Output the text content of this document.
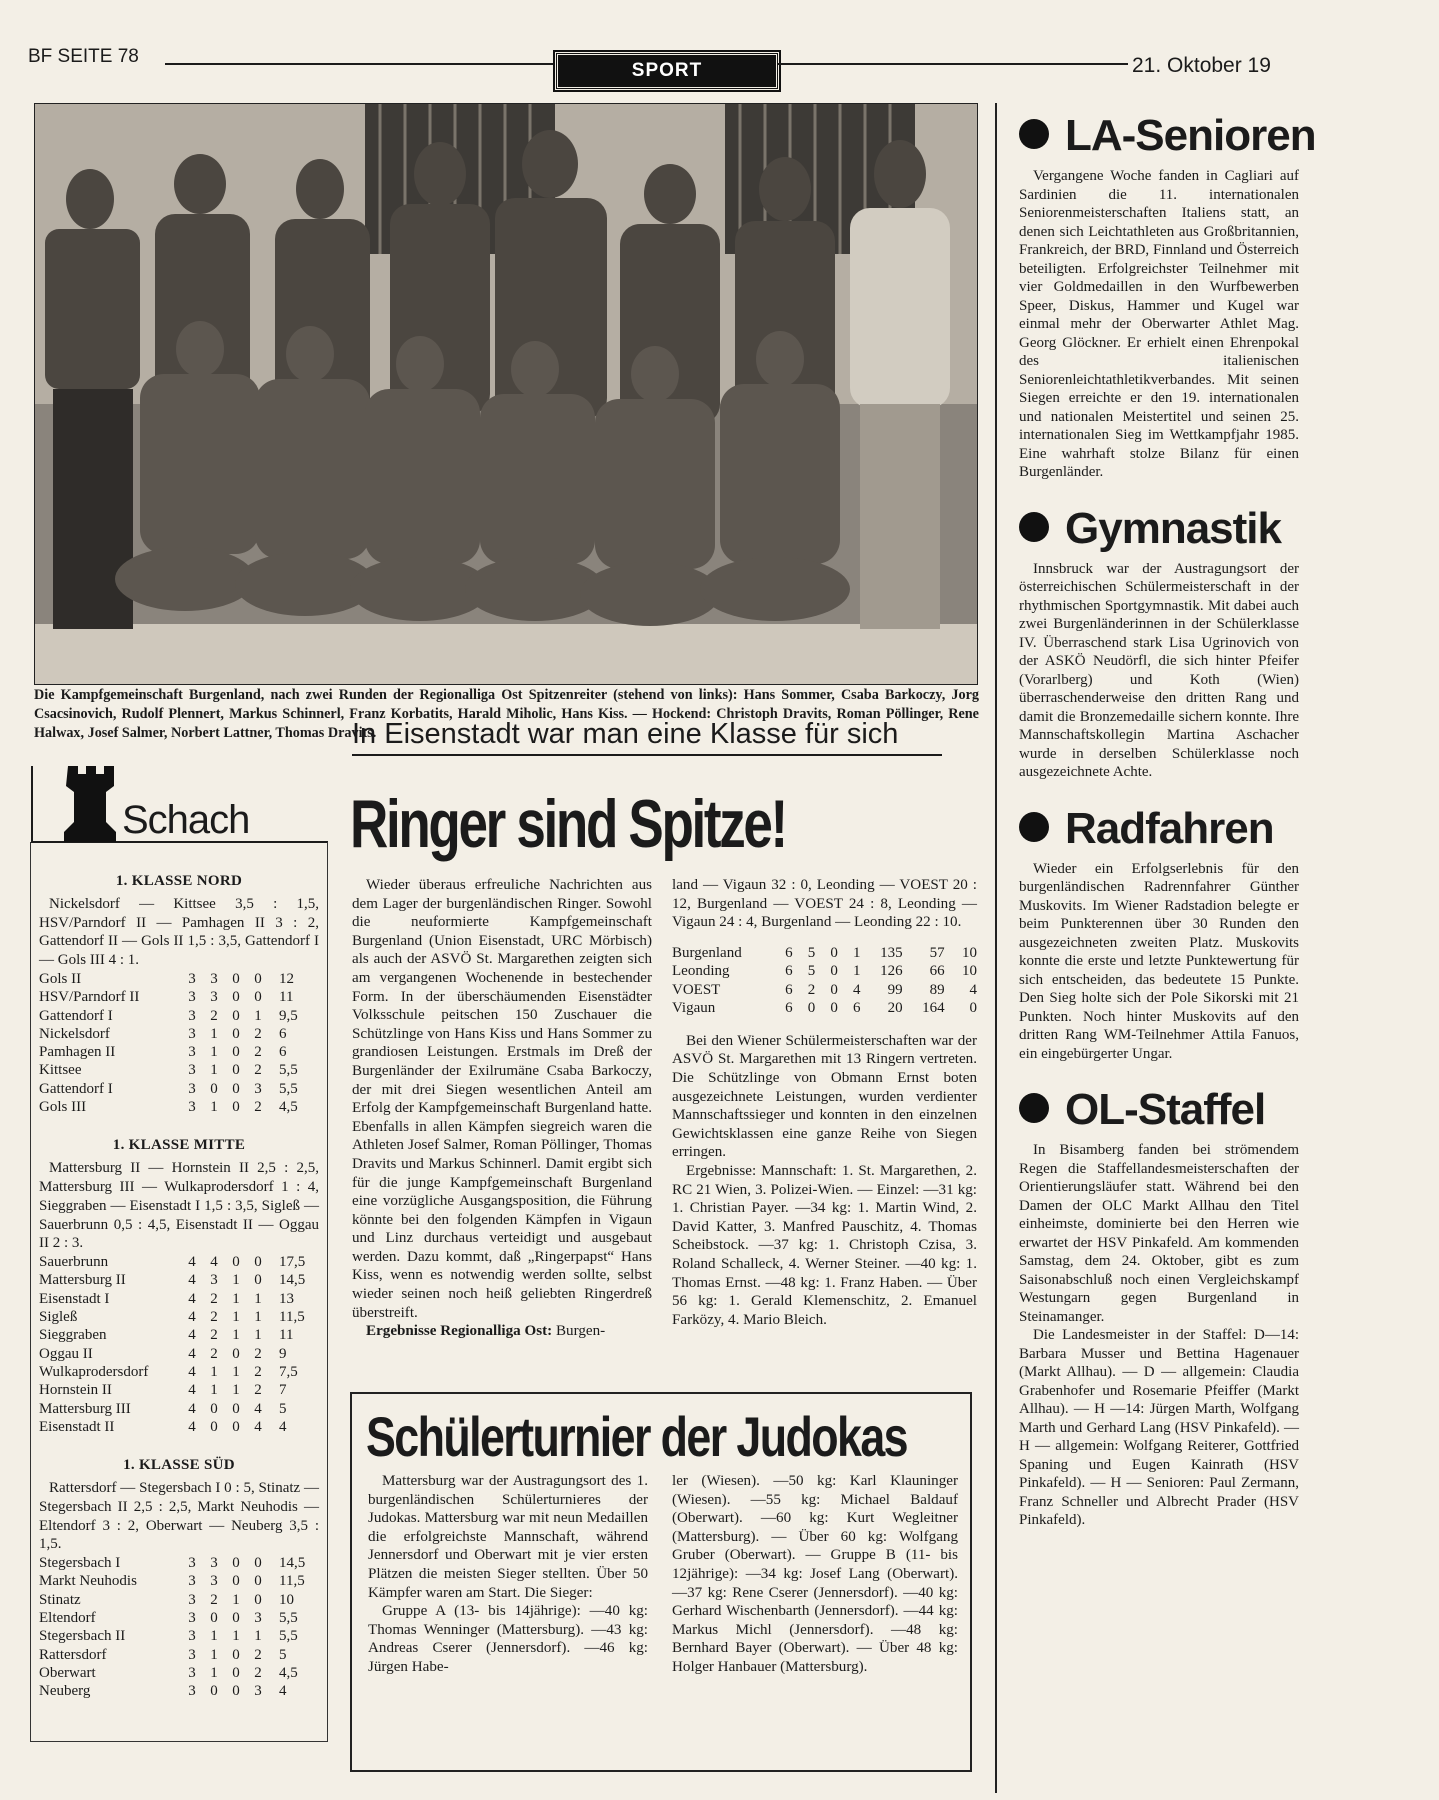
BF SEITE 78
SPORT	21. Oktober 19
Die Kampfgemeinschaft Burgenland, nach zwei Runden der Regionalliga Ost Spitzenreiter (stehend von links): Hans Sommer, Csaba Barkoczy, Jorg Csacsinovich, Rudolf Plennert, Markus Schinnerl, Franz Korbatits, Harald Miholic, Hans Kiss. — Hockend: Christoph Dravits, Roman Pöllinger, Rene Halwax, Josef Salmer, Norbert Lattner, Thomas Dravits.
Schach
1. KLASSE NORD

Nickelsdorf — Kittsee 3,5 : 1,5, HSV/Parndorf II — Pamhagen II 3 : 2, Gattendorf II — Gols II 1,5 : 3,5, Gattendorf I — Gols III 4 : 1.

Gols II	3	3	0	0	12
HSV/Parndorf II	3	3	0	0	11
Gattendorf I	3	2	0	1	9,5
Nickelsdorf	3	1	0	2	6
Pamhagen II	3	1	0	2	6
Kittsee	3	1	0	2	5,5
Gattendorf I	3	0	0	3	5,5
Gols III	3	1	0	2	4,5
1. KLASSE MITTE

Mattersburg II — Hornstein II 2,5 : 2,5, Mattersburg III — Wulkaprodersdorf 1 : 4, Sieggraben — Eisenstadt I 1,5 : 3,5, Sigleß — Sauerbrunn 0,5 : 4,5, Eisenstadt II — Oggau II 2 : 3.

Sauerbrunn	4	4	0	0	17,5
Mattersburg II	4	3	1	0	14,5
Eisenstadt I	4	2	1	1	13
Sigleß	4	2	1	1	11,5
Sieggraben	4	2	1	1	11
Oggau II	4	2	0	2	9
Wulkaprodersdorf	4	1	1	2	7,5
Hornstein II	4	1	1	2	7
Mattersburg III	4	0	0	4	5
Eisenstadt II	4	0	0	4	4
1. KLASSE SÜD

Rattersdorf — Stegersbach I 0 : 5, Stinatz — Stegersbach II 2,5 : 2,5, Markt Neuhodis — Eltendorf 3 : 2, Oberwart — Neuberg 3,5 : 1,5.

Stegersbach I	3	3	0	0	14,5
Markt Neuhodis	3	3	0	0	11,5
Stinatz	3	2	1	0	10
Eltendorf	3	0	0	3	5,5
Stegersbach II	3	1	1	1	5,5
Rattersdorf	3	1	0	2	5
Oberwart	3	1	0	2	4,5
Neuberg	3	0	0	3	4
In Eisenstadt war man eine Klasse für sich
Ringer sind Spitze!

Wieder überaus erfreuliche Nachrichten aus dem Lager der burgenländischen Ringer. Sowohl die neuformierte Kampfgemeinschaft Burgenland (Union Eisenstadt, URC Mörbisch) als auch der ASVÖ St. Margarethen zeigten sich am vergangenen Wochenende in bestechender Form. In der überschäumenden Eisenstädter Volksschule peitschen 150 Zuschauer die Schützlinge von Hans Kiss und Hans Sommer zu grandiosen Leistungen. Erstmals im Dreß der Burgenländer der Exilrumäne Csaba Barkoczy, der mit drei Siegen wesentlichen Anteil am Erfolg der Kampfgemeinschaft Burgenland hatte. Ebenfalls in allen Kämpfen siegreich waren die Athleten Josef Salmer, Roman Pöllinger, Thomas Dravits und Markus Schinnerl. Damit ergibt sich für die junge Kampfgemeinschaft Burgenland eine vorzügliche Ausgangsposition, die Führung könnte bei den folgenden Kämpfen in Vigaun und Linz durchaus verteidigt und ausgebaut werden. Dazu kommt, daß „Ringerpapst“ Hans Kiss, wenn es notwendig werden sollte, selbst wieder seinen noch heiß geliebten Ringerdreß überstreift.

Ergebnisse Regionalliga Ost: Burgen-

land — Vigaun 32 : 0, Leonding — VOEST 20 : 12, Burgenland — VOEST 24 : 8, Leonding — Vigaun 24 : 4, Burgenland — Leonding 22 : 10.

Burgenland	6	5	0	1	135	57	10
Leonding	6	5	0	1	126	66	10
VOEST	6	2	0	4	99	89	4
Vigaun	6	0	0	6	20	164	0

Bei den Wiener Schülermeisterschaften war der ASVÖ St. Margarethen mit 13 Ringern vertreten. Die Schützlinge von Obmann Ernst boten ausgezeichnete Leistungen, wurden verdienter Mannschaftssieger und konnten in den einzelnen Gewichtsklassen eine ganze Reihe von Siegen erringen.

Ergebnisse: Mannschaft: 1. St. Margarethen, 2. RC 21 Wien, 3. Polizei-Wien. — Einzel: —31 kg: 1. Christian Payer. —34 kg: 1. Martin Wind, 2. David Katter, 3. Manfred Pauschitz, 4. Thomas Scheibstock. —37 kg: 1. Christoph Czisa, 3. Roland Schalleck, 4. Werner Steiner. —40 kg: 1. Thomas Ernst. —48 kg: 1. Franz Haben. — Über 56 kg: 1. Gerald Klemenschitz, 2. Emanuel Farközy, 4. Mario Bleich.

Schülerturnier der Judokas

Mattersburg war der Austragungsort des 1. burgenländischen Schülerturnieres der Judokas. Mattersburg war mit neun Medaillen die erfolgreichste Mannschaft, während Jennersdorf und Oberwart mit je vier ersten Plätzen die meisten Sieger stellten. Über 50 Kämpfer waren am Start. Die Sieger:

Gruppe A (13- bis 14jährige): —40 kg: Thomas Wenninger (Mattersburg). —43 kg: Andreas Cserer (Jennersdorf). —46 kg: Jürgen Habe-

ler (Wiesen). —50 kg: Karl Klauninger (Wiesen). —55 kg: Michael Baldauf (Oberwart). —60 kg: Kurt Wegleitner (Mattersburg). — Über 60 kg: Wolfgang Gruber (Oberwart). — Gruppe B (11- bis 12jährige): —34 kg: Josef Lang (Oberwart). —37 kg: Rene Cserer (Jennersdorf). —40 kg: Gerhard Wischenbarth (Jennersdorf). —44 kg: Markus Michl (Jennersdorf). —48 kg: Bernhard Bayer (Oberwart). — Über 48 kg: Holger Hanbauer (Mattersburg).

LA-Senioren

Vergangene Woche fanden in Cagliari auf Sardinien die 11. internationalen Seniorenmeisterschaften Italiens statt, an denen sich Leichtathleten aus Großbritannien, Frankreich, der BRD, Finnland und Österreich beteiligten. Erfolgreichster Teilnehmer mit vier Goldmedaillen in den Wurfbewerben Speer, Diskus, Hammer und Kugel war einmal mehr der Oberwarter Athlet Mag. Georg Glöckner. Er erhielt einen Ehrenpokal des italienischen Seniorenleichtathletikverbandes. Mit seinen Siegen erreichte er den 19. internationalen und nationalen Meistertitel und seinen 25. internationalen Sieg im Wettkampfjahr 1985. Eine wahrhaft stolze Bilanz für einen Burgenländer.

Gymnastik

Innsbruck war der Austragungsort der österreichischen Schülermeisterschaft in der rhythmischen Sportgymnastik. Mit dabei auch zwei Burgenländerinnen in der Schülerklasse IV. Überraschend stark Lisa Ugrinovich von der ASKÖ Neudörfl, die sich hinter Pfeifer (Vorarlberg) und Koth (Wien) überraschenderweise den dritten Rang und damit die Bronzemedaille sichern konnte. Ihre Mannschaftskollegin Martina Aschacher wurde in derselben Schülerklasse noch ausgezeichnete Achte.

Radfahren

Wieder ein Erfolgserlebnis für den burgenländischen Radrennfahrer Günther Muskovits. Im Wiener Radstadion belegte er beim Punkterennen über 30 Runden den ausgezeichneten zweiten Platz. Muskovits konnte die erste und letzte Punktewertung für sich entscheiden, das bedeutete 15 Punkte. Den Sieg holte sich der Pole Sikorski mit 21 Punkten. Noch hinter Muskovits auf den dritten Rang WM-Teilnehmer Attila Fanuos, ein eingebürgerter Ungar.

OL-Staffel

In Bisamberg fanden bei strömendem Regen die Staffellandesmeisterschaften der Orientierungsläufer statt. Während bei den Damen der OLC Markt Allhau den Titel einheimste, dominierte bei den Herren wie erwartet der HSV Pinkafeld. Am kommenden Samstag, dem 24. Oktober, gibt es zum Saisonabschluß noch einen Vergleichskampf Westungarn gegen Burgenland in Steinamanger.

Die Landesmeister in der Staffel: D—14: Barbara Musser und Bettina Hagenauer (Markt Allhau). — D — allgemein: Claudia Grabenhofer und Rosemarie Pfeiffer (Markt Allhau). — H —14: Jürgen Marth, Wolfgang Marth und Gerhard Lang (HSV Pinkafeld). — H — allgemein: Wolfgang Reiterer, Gottfried Spaning und Eugen Kainrath (HSV Pinkafeld). — H — Senioren: Paul Zermann, Franz Schneller und Albrecht Prader (HSV Pinkafeld).
